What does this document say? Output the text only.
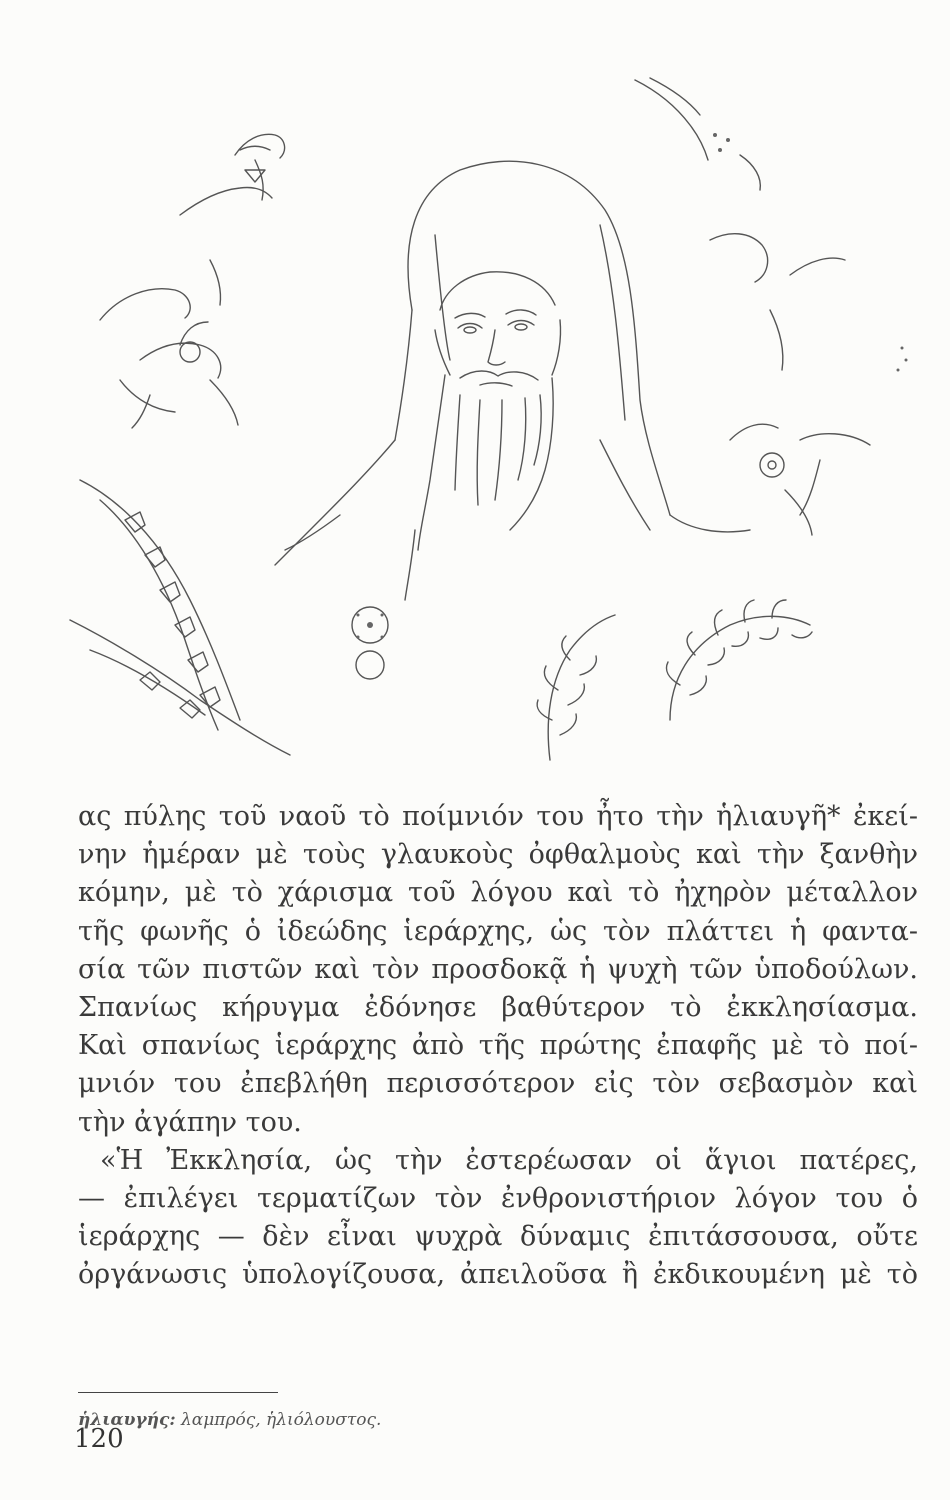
ας πύλης τοῦ ναοῦ τὸ ποίμνιόν του ἦτο τὴν ἡλιαυγῆ* ἐκεί-
νην ἡμέραν μὲ τοὺς γλαυκοὺς ὀφθαλμοὺς καὶ τὴν ξανθὴν
κόμην, μὲ τὸ χάρισμα τοῦ λόγου καὶ τὸ ἠχηρὸν μέταλλον
τῆς φωνῆς ὁ ἰδεώδης ἱεράρχης, ὡς τὸν πλάττει ἡ φαντα-
σία τῶν πιστῶν καὶ τὸν προσδοκᾷ ἡ ψυχὴ τῶν ὑποδούλων.
Σπανίως κήρυγμα ἐδόνησε βαθύτερον τὸ ἐκκλησίασμα.
Καὶ σπανίως ἱεράρχης ἀπὸ τῆς πρώτης ἐπαφῆς μὲ τὸ ποί-
μνιόν του ἐπεβλήθη περισσότερον εἰς τὸν σεβασμὸν καὶ
τὴν ἀγάπην του.
«Ἡ Ἐκκλησία, ὡς τὴν ἐστερέωσαν οἱ ἅγιοι πατέρες,
— ἐπιλέγει τερματίζων τὸν ἐνθρονιστήριον λόγον του ὁ
ἱεράρχης — δὲν εἶναι ψυχρὰ δύναμις ἐπιτάσσουσα, οὔτε
ὀργάνωσις ὑπολογίζουσα, ἀπειλοῦσα ἢ ἐκδικουμένη μὲ τὸ
ἡλιαυγής: λαμπρός, ἡλιόλουστος.
120
